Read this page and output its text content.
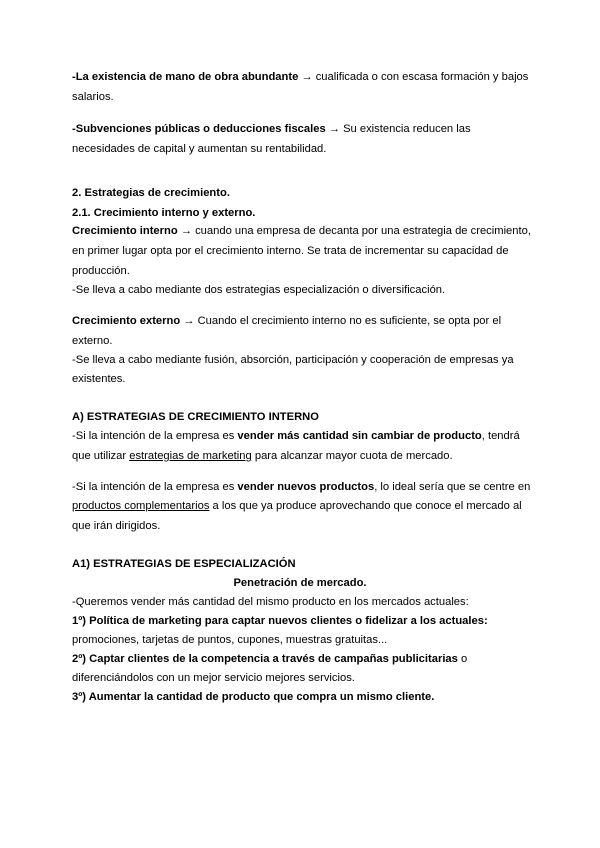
-La existencia de mano de obra abundante → cualificada o con escasa formación y bajos
salarios.
-Subvenciones públicas o deducciones fiscales → Su existencia reducen las
necesidades de capital y aumentan su rentabilidad.
2. Estrategias de crecimiento.
2.1. Crecimiento interno y externo.
Crecimiento interno → cuando una empresa de decanta por una estrategia de crecimiento,
en primer lugar opta por el crecimiento interno. Se trata de incrementar su capacidad de
producción.
-Se lleva a cabo mediante dos estrategias especialización o diversificación.
Crecimiento externo → Cuando el crecimiento interno no es suficiente, se opta por el
externo.
-Se lleva a cabo mediante fusión, absorción, participación y cooperación de empresas ya
existentes.
A) ESTRATEGIAS DE CRECIMIENTO INTERNO
-Si la intención de la empresa es vender más cantidad sin cambiar de producto, tendrá
que utilizar estrategias de marketing para alcanzar mayor cuota de mercado.
-Si la intención de la empresa es vender nuevos productos, lo ideal sería que se centre en
productos complementarios a los que ya produce aprovechando que conoce el mercado al
que irán dirigidos.
A1) ESTRATEGIAS DE ESPECIALIZACIÓN
Penetración de mercado.
-Queremos vender más cantidad del mismo producto en los mercados actuales:
1º) Política de marketing para captar nuevos clientes o fidelizar a los actuales:
promociones, tarjetas de puntos, cupones, muestras gratuitas...
2º) Captar clientes de la competencia a través de campañas publicitarias o
diferenciándolos con un mejor servicio mejores servicios.
3º) Aumentar la cantidad de producto que compra un mismo cliente.
